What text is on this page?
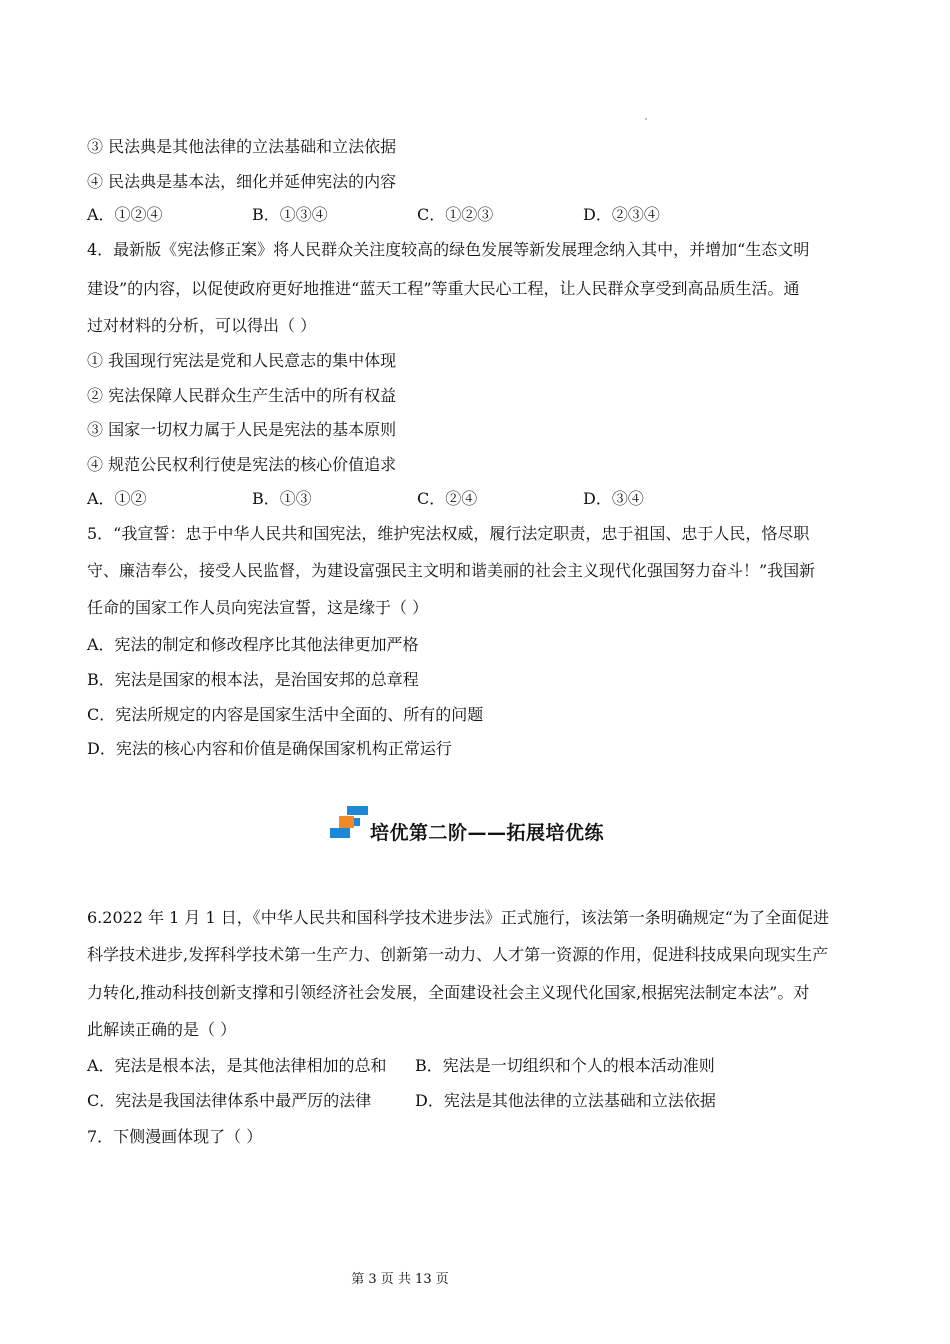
③ 民法典是其他法律的立法基础和立法依据
④ 民法典是基本法，细化并延伸宪法的内容
A．①②④	B．①③④	C．①②③	D．②③④
4．最新版《宪法修正案》将人民群众关注度较高的绿色发展等新发展理念纳入其中，并增加“生态文明
建设”的内容，以促使政府更好地推进“蓝天工程”等重大民心工程，让人民群众享受到高品质生活。通
过对材料的分析，可以得出（ ）
① 我国现行宪法是党和人民意志的集中体现
② 宪法保障人民群众生产生活中的所有权益
③ 国家一切权力属于人民是宪法的基本原则
④ 规范公民权利行使是宪法的核心价值追求
A．①②	B．①③	C．②④	D．③④
5．“我宣誓：忠于中华人民共和国宪法，维护宪法权威，履行法定职责，忠于祖国、忠于人民，恪尽职
守、廉洁奉公，接受人民监督，为建设富强民主文明和谐美丽的社会主义现代化强国努力奋斗！”我国新
任命的国家工作人员向宪法宣誓，这是缘于（ ）
A．宪法的制定和修改程序比其他法律更加严格
B．宪法是国家的根本法，是治国安邦的总章程
C．宪法所规定的内容是国家生活中全面的、所有的问题
D．宪法的核心内容和价值是确保国家机构正常运行
培优第二阶——拓展培优练
6.2022 年 1 月 1 日，《中华人民共和国科学技术进步法》正式施行，该法第一条明确规定“为了全面促进
科学技术进步,发挥科学技术第一生产力、创新第一动力、人才第一资源的作用，促进科技成果向现实生产
力转化,推动科技创新支撑和引领经济社会发展，全面建设社会主义现代化国家,根据宪法制定本法”。对
此解读正确的是（ ）
A．宪法是根本法，是其他法律相加的总和 B．宪法是一切组织和个人的根本活动准则
C．宪法是我国法律体系中最严厉的法律	D．宪法是其他法律的立法基础和立法依据
7．下侧漫画体现了（ ）
第 3 页 共 13 页
